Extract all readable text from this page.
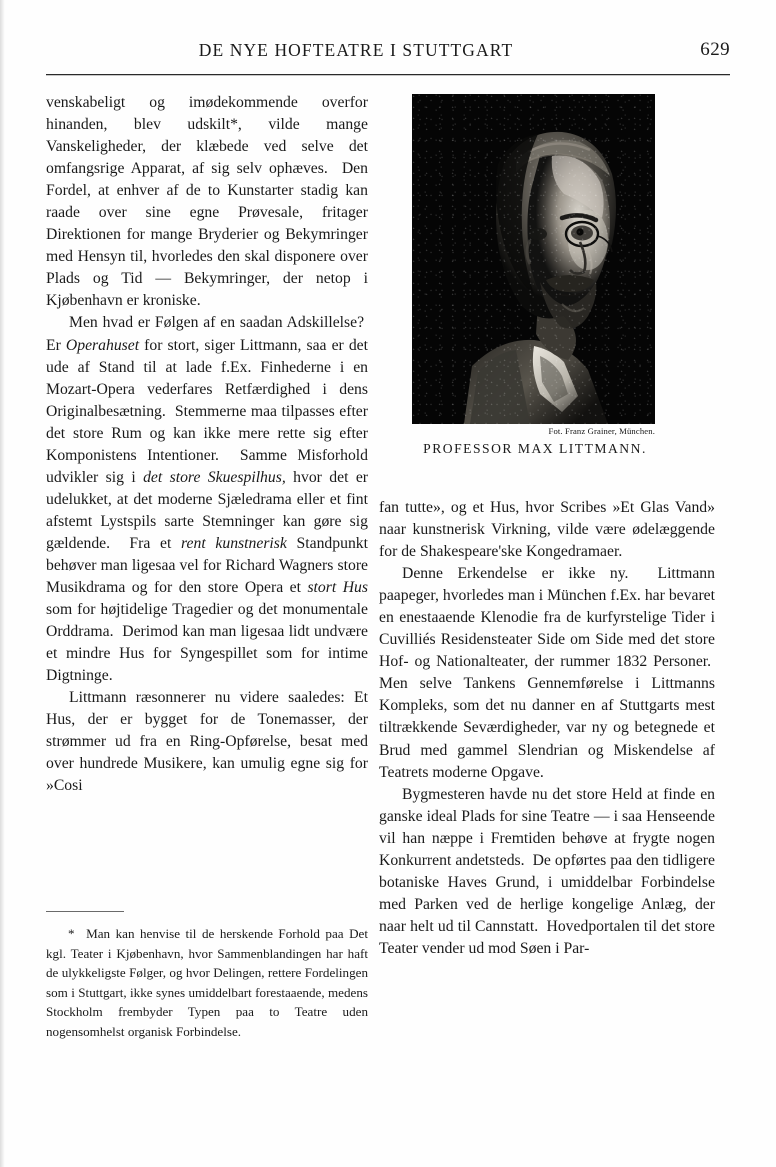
DE NYE HOFTEATRE I STUTTGART	629

venskabeligt og imødekommende overfor hinanden, blev udskilt*, vilde mange Vanskeligheder, der klæbede ved selve det omfangsrige Apparat, af sig selv ophæves.  Den Fordel, at enhver af de to Kunstarter stadig kan raade over sine egne Prøvesale, fritager Direktionen for mange Bryderier og Bekymringer med Hensyn til, hvorledes den skal disponere over Plads og Tid — Bekymringer, der netop i Kjøbenhavn er kroniske.

Men hvad er Følgen af en saadan Adskillelse?  Er Operahuset for stort, siger Littmann, saa er det ude af Stand til at lade f.Ex. Finhederne i en Mozart-Opera vederfares Retfærdighed i dens Originalbesætning.  Stemmerne maa tilpasses efter det store Rum og kan ikke mere rette sig efter Komponistens Intentioner.  Samme Misforhold udvikler sig i det store Skuespilhus, hvor det er udelukket, at det moderne Sjæledrama eller et fint afstemt Lystspils sarte Stemninger kan gøre sig gældende.  Fra et rent kunstnerisk Standpunkt behøver man ligesaa vel for Richard Wagners store Musikdrama og for den store Opera et stort Hus som for højtidelige Tragedier og det monumentale Orddrama.  Derimod kan man ligesaa lidt undvære et mindre Hus for Syngespillet som for intime Digtninge.

Littmann ræsonnerer nu videre saaledes: Et Hus, der er bygget for de Tonemasser, der strømmer ud fra en Ring-Opførelse, besat med over hundrede Musikere, kan umulig egne sig for »Cosi

*  Man kan henvise til de herskende Forhold paa Det kgl. Teater i Kjøbenhavn, hvor Sammenblandingen har haft de ulykkeligste Følger, og hvor Delingen, rettere Fordelingen som i Stuttgart, ikke synes umiddelbart forestaaende, medens Stockholm frembyder Typen paa to Teatre uden nogensomhelst organisk Forbindelse.

Fot. Franz Grainer, München.
PROFESSOR MAX LITTMANN.

fan tutte», og et Hus, hvor Scribes »Et Glas Vand» naar kunstnerisk Virkning, vilde være ødelæggende for de Shakespeare'ske Kongedramaer.

Denne Erkendelse er ikke ny.  Littmann paapeger, hvorledes man i München f.Ex. har bevaret en enestaaende Klenodie fra de kurfyrstelige Tider i Cuvilliés Residensteater Side om Side med det store Hof- og Nationalteater, der rummer 1832 Personer.  Men selve Tankens Gennemførelse i Littmanns Kompleks, som det nu danner en af Stuttgarts mest tiltrækkende Seværdigheder, var ny og betegnede et Brud med gammel Slendrian og Miskendelse af Teatrets moderne Opgave.

Bygmesteren havde nu det store Held at finde en ganske ideal Plads for sine Teatre — i saa Henseende vil han næppe i Fremtiden behøve at frygte nogen Konkurrent andetsteds.  De opførtes paa den tidligere botaniske Haves Grund, i umiddelbar Forbindelse med Parken ved de herlige kongelige Anlæg, der naar helt ud til Cannstatt.  Hovedportalen til det store Teater vender ud mod Søen i Par-
